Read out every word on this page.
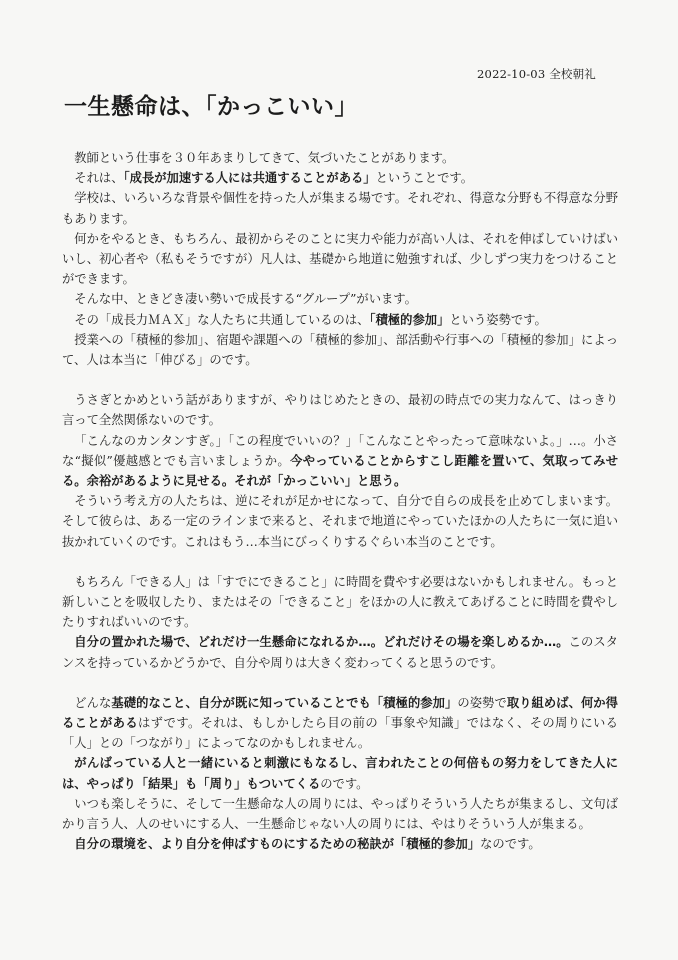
2022-10-03 全校朝礼
一生懸命は、「かっこいい」

教師という仕事を３０年あまりしてきて、気づいたことがあります。

それは、「成長が加速する人には共通することがある」ということです。

学校は、いろいろな背景や個性を持った人が集まる場です。それぞれ、得意な分野も不得意な分野もあります。

何かをやるとき、もちろん、最初からそのことに実力や能力が高い人は、それを伸ばしていけばいいし、初心者や（私もそうですが）凡人は、基礎から地道に勉強すれば、少しずつ実力をつけることができます。

そんな中、ときどき凄い勢いで成長する“グループ”がいます。

その「成長力ＭＡＸ」な人たちに共通しているのは、「積極的参加」という姿勢です。

授業への「積極的参加」、宿題や課題への「積極的参加」、部活動や行事への「積極的参加」によって、人は本当に「伸びる」のです。

うさぎとかめという話がありますが、やりはじめたときの、最初の時点での実力なんて、はっきり言って全然関係ないのです。

「こんなのカンタンすぎ。」「この程度でいいの？」「こんなことやったって意味ないよ。」…。小さな“擬似”優越感とでも言いましょうか。今やっていることからすこし距離を置いて、気取ってみせる。余裕があるように見せる。それが「かっこいい」と思う。

そういう考え方の人たちは、逆にそれが足かせになって、自分で自らの成長を止めてしまいます。そして彼らは、ある一定のラインまで来ると、それまで地道にやっていたほかの人たちに一気に追い抜かれていくのです。これはもう…本当にびっくりするぐらい本当のことです。

もちろん「できる人」は「すでにできること」に時間を費やす必要はないかもしれません。もっと新しいことを吸収したり、またはその「できること」をほかの人に教えてあげることに時間を費やしたりすればいいのです。

自分の置かれた場で、どれだけ一生懸命になれるか…。どれだけその場を楽しめるか…。このスタンスを持っているかどうかで、自分や周りは大きく変わってくると思うのです。

どんな基礎的なこと、自分が既に知っていることでも「積極的参加」の姿勢で取り組めば、何か得ることがあるはずです。それは、もしかしたら目の前の「事象や知識」ではなく、その周りにいる「人」との「つながり」によってなのかもしれません。

がんばっている人と一緒にいると刺激にもなるし、言われたことの何倍もの努力をしてきた人には、やっぱり「結果」も「周り」もついてくるのです。

いつも楽しそうに、そして一生懸命な人の周りには、やっぱりそういう人たちが集まるし、文句ばかり言う人、人のせいにする人、一生懸命じゃない人の周りには、やはりそういう人が集まる。

自分の環境を、より自分を伸ばすものにするための秘訣が「積極的参加」なのです。
